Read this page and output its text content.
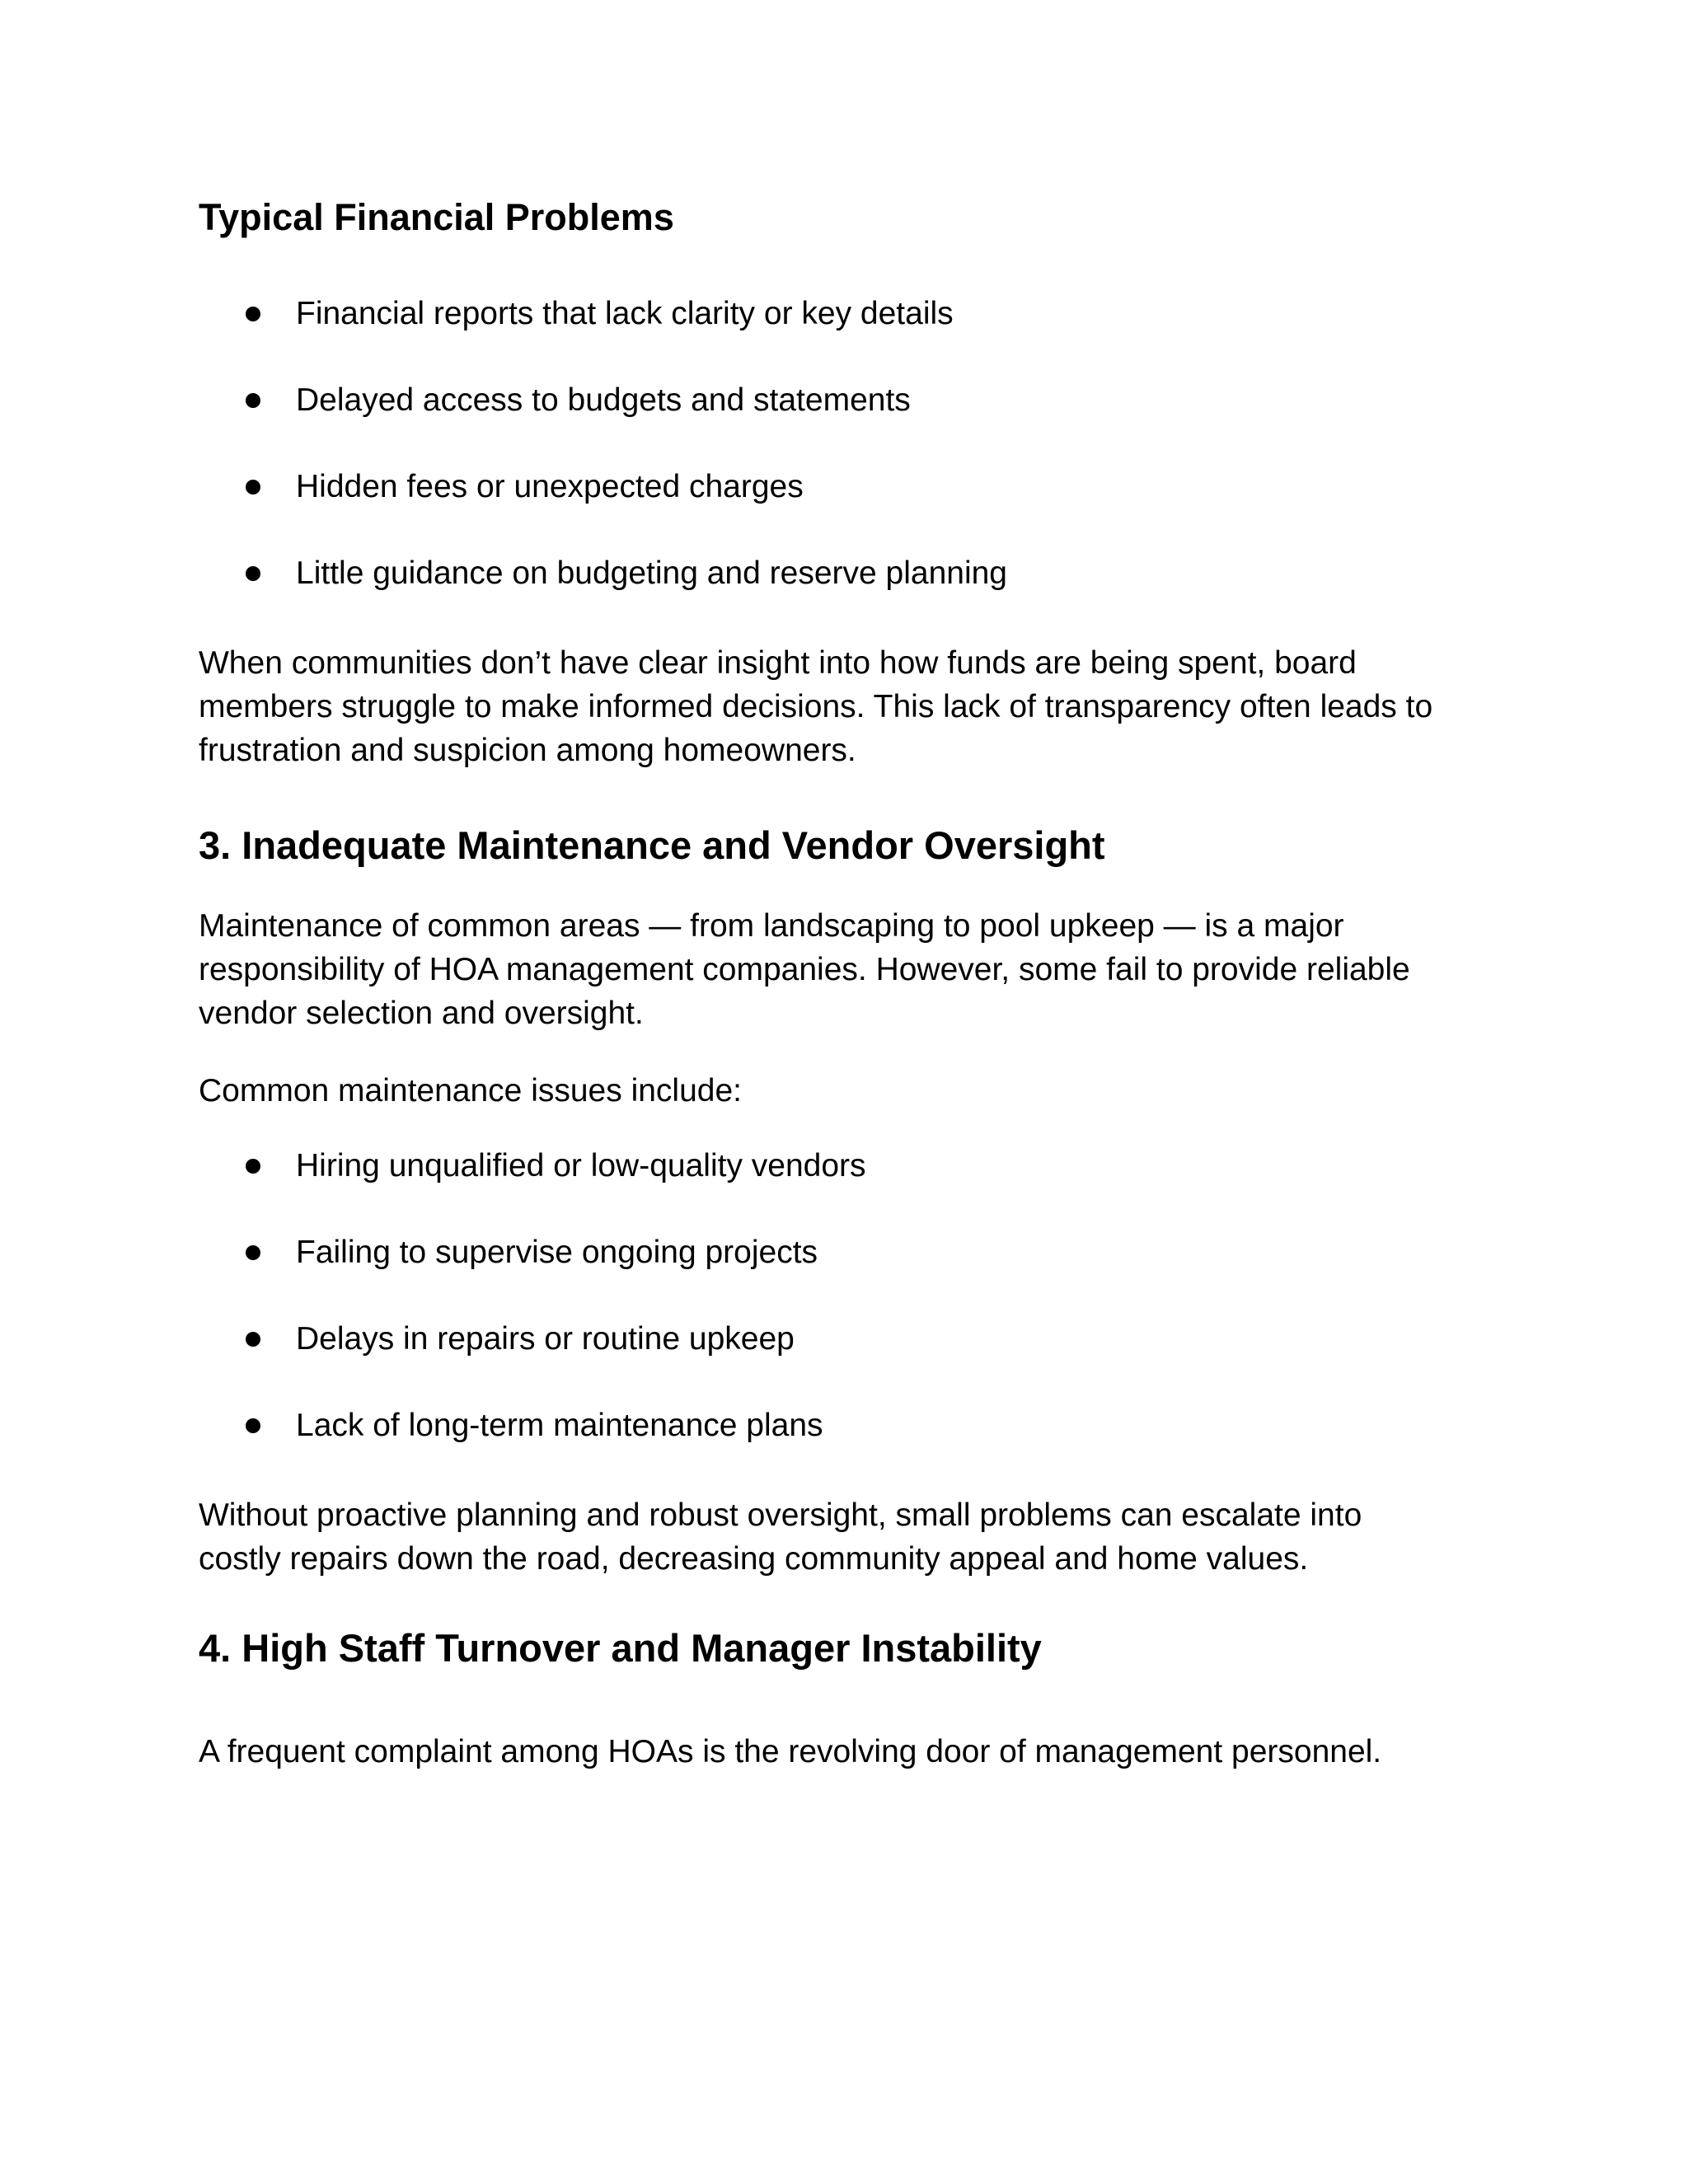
Typical Financial Problems
Financial reports that lack clarity or key details
Delayed access to budgets and statements
Hidden fees or unexpected charges
Little guidance on budgeting and reserve planning

When communities don’t have clear insight into how funds are being spent, board
members struggle to make informed decisions. This lack of transparency often leads to
frustration and suspicion among homeowners.

3. Inadequate Maintenance and Vendor Oversight

Maintenance of common areas — from landscaping to pool upkeep — is a major
responsibility of HOA management companies. However, some fail to provide reliable
vendor selection and oversight.

Common maintenance issues include:

Hiring unqualified or low-quality vendors
Failing to supervise ongoing projects
Delays in repairs or routine upkeep
Lack of long-term maintenance plans

Without proactive planning and robust oversight, small problems can escalate into
costly repairs down the road, decreasing community appeal and home values.

4. High Staff Turnover and Manager Instability

A frequent complaint among HOAs is the revolving door of management personnel.
